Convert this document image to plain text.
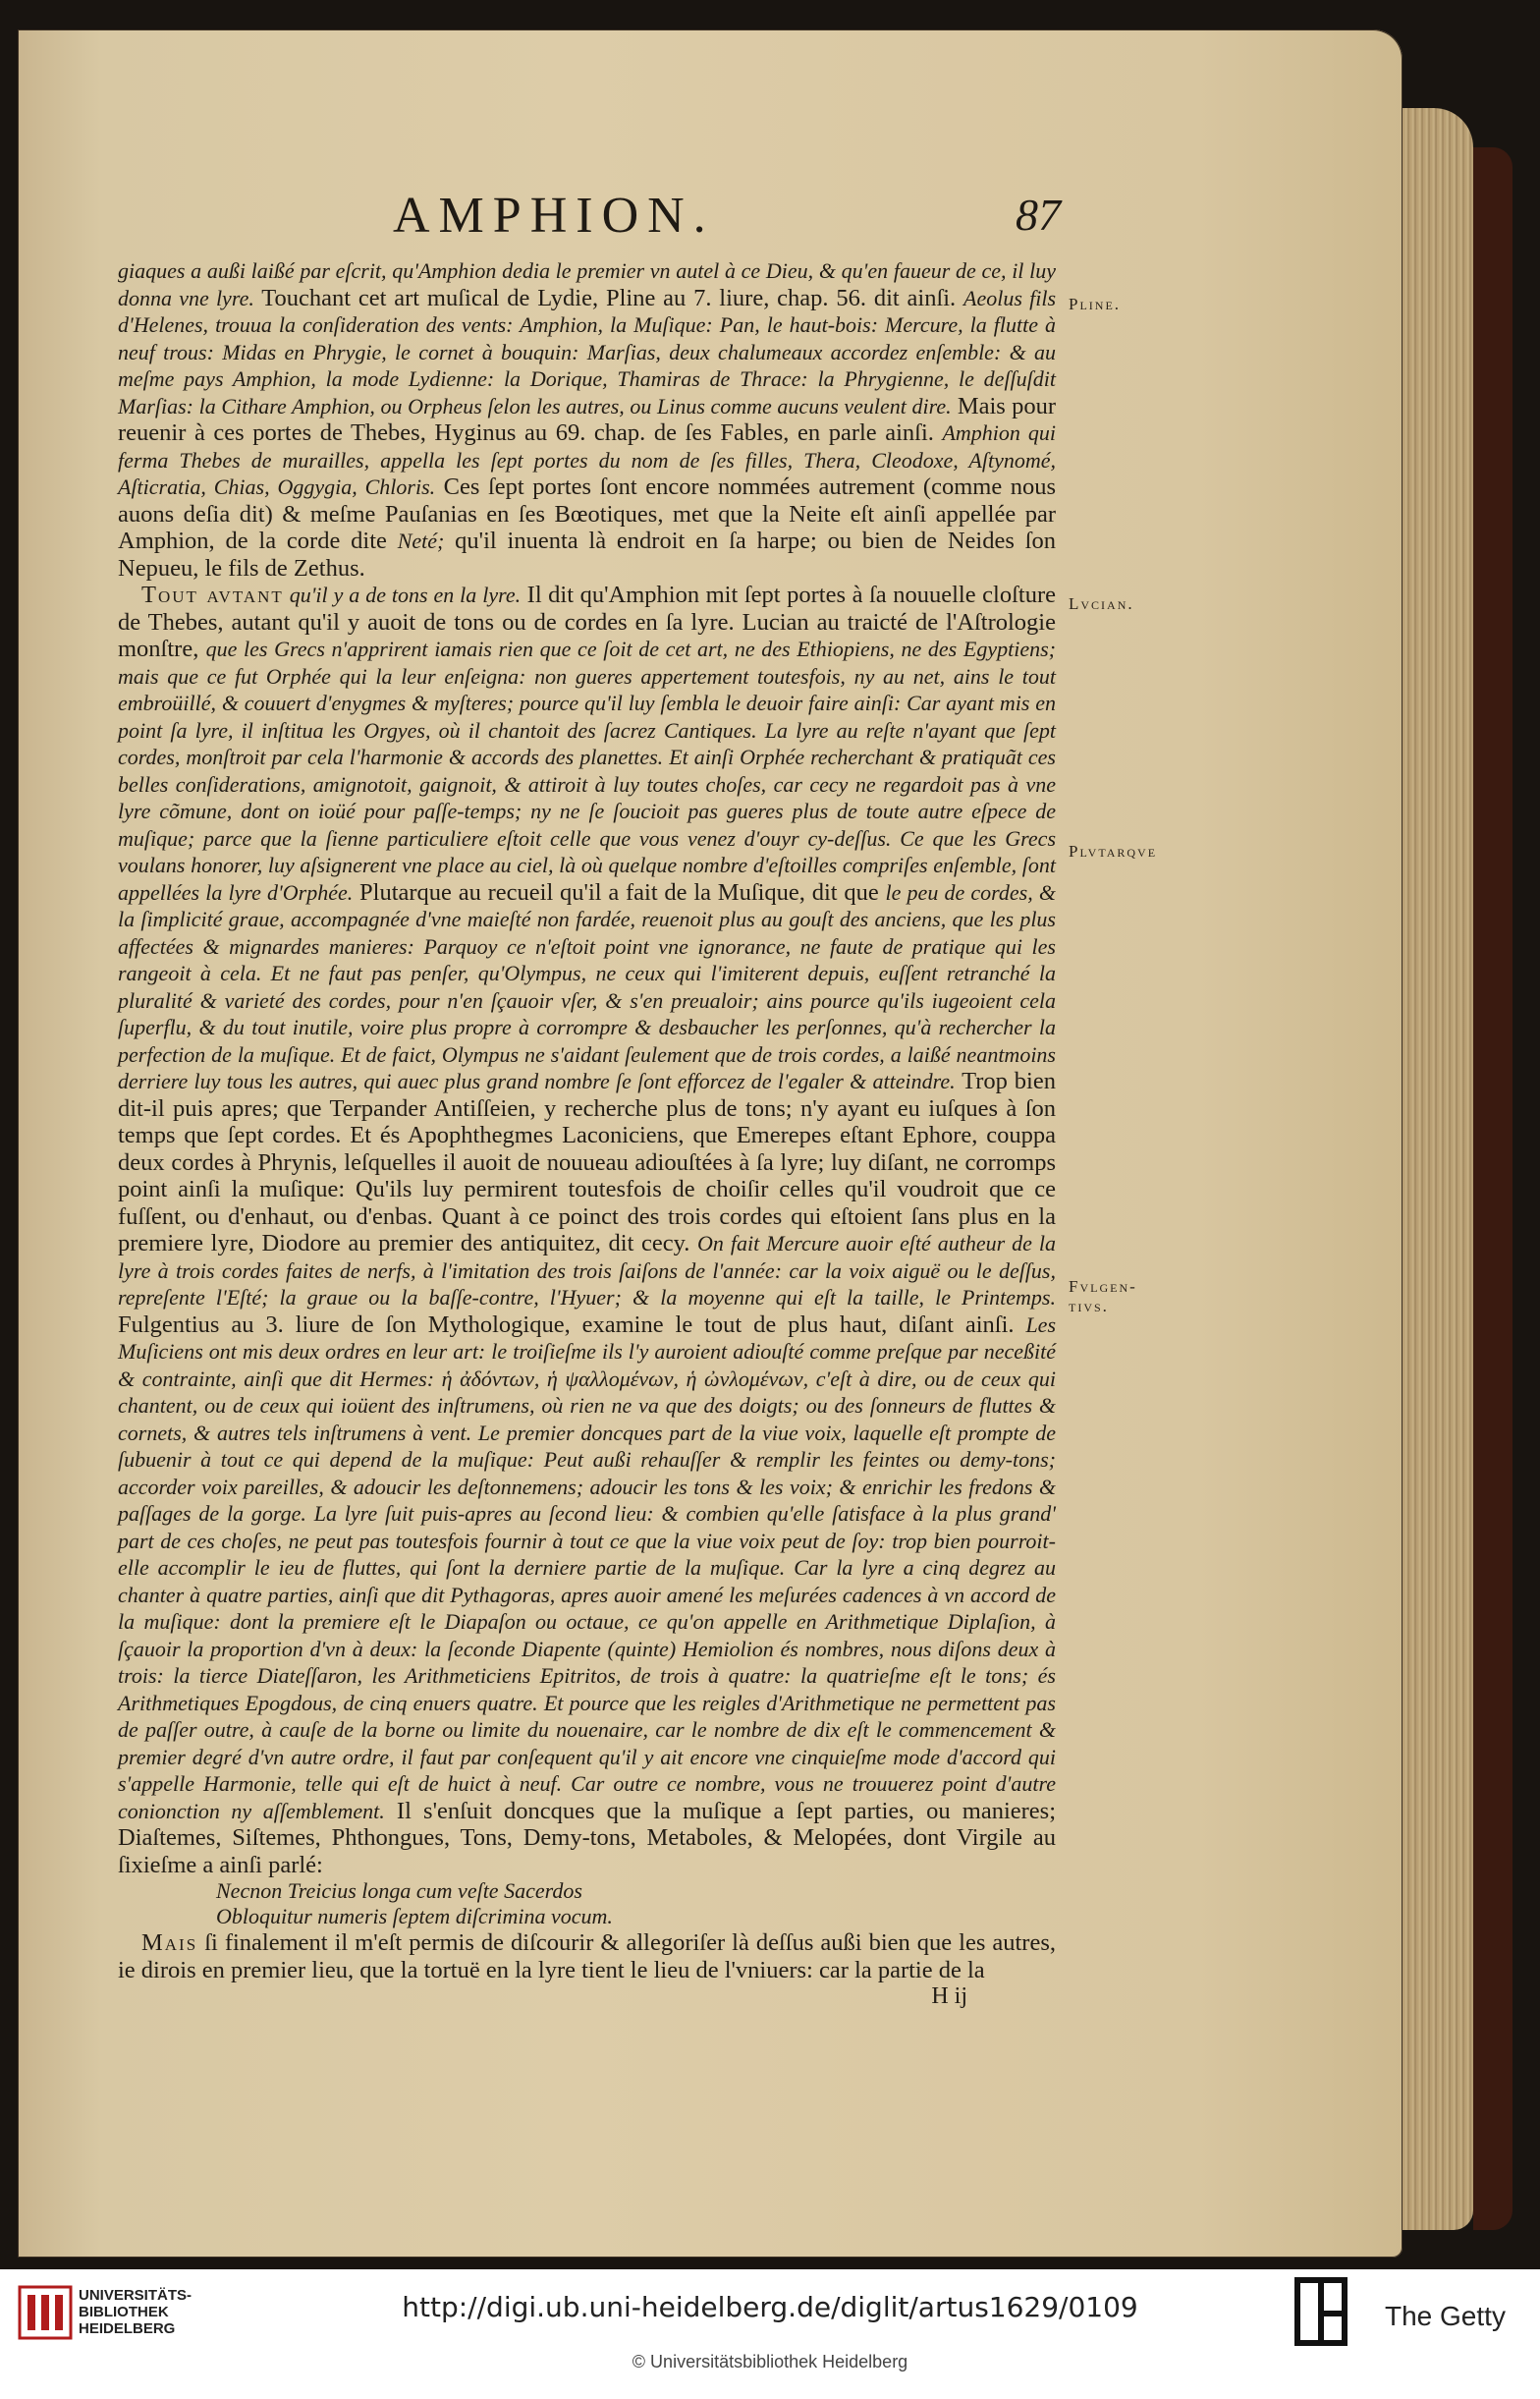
AMPHION.	87

giaques a außi laißé par eſcrit, qu'Amphion dedia le premier vn autel à ce Dieu, & qu'en faueur de ce, il luy donna vne lyre. Touchant cet art muſical de Lydie, Pline au 7. liure, chap. 56. dit ainſi. Aeolus fils d'Helenes, trouua la conſideration des vents: Amphion, la Muſique: Pan, le haut-bois: Mercure, la flutte à neuf trous: Midas en Phrygie, le cornet à bouquin: Marſias, deux chalumeaux accordez enſemble: & au meſme pays Amphion, la mode Lydienne: la Dorique, Thamiras de Thrace: la Phrygienne, le deſſuſdit Marſias: la Cithare Amphion, ou Orpheus ſelon les autres, ou Linus comme aucuns veulent dire. Mais pour reuenir à ces portes de Thebes, Hyginus au 69. chap. de ſes Fables, en parle ainſi. Amphion qui ferma Thebes de murailles, appella les ſept portes du nom de ſes filles, Thera, Cleodoxe, Aſtynomé, Aſticratia, Chias, Oggygia, Chloris. Ces ſept portes ſont encore nommées autrement (comme nous auons deſia dit) & meſme Pauſanias en ſes Bœotiques, met que la Neite eſt ainſi appellée par Amphion, de la corde dite Neté; qu'il inuenta là endroit en ſa harpe; ou bien de Neides ſon Nepueu, le fils de Zethus.

Tout avtant qu'il y a de tons en la lyre. Il dit qu'Amphion mit ſept portes à ſa nouuelle cloſture de Thebes, autant qu'il y auoit de tons ou de cordes en ſa lyre. Lucian au traicté de l'Aſtrologie monſtre, que les Grecs n'apprirent iamais rien que ce ſoit de cet art, ne des Ethiopiens, ne des Egyptiens; mais que ce fut Orphée qui la leur enſeigna: non gueres appertement toutesfois, ny au net, ains le tout embroüillé, & couuert d'enygmes & myſteres; pource qu'il luy ſembla le deuoir faire ainſi: Car ayant mis en point ſa lyre, il inſtitua les Orgyes, où il chantoit des ſacrez Cantiques. La lyre au reſte n'ayant que ſept cordes, monſtroit par cela l'harmonie & accords des planettes. Et ainſi Orphée recherchant & pratiquãt ces belles conſiderations, amignotoit, gaignoit, & attiroit à luy toutes choſes, car cecy ne regardoit pas à vne lyre cõmune, dont on ioüé pour paſſe-temps; ny ne ſe ſoucioit pas gueres plus de toute autre eſpece de muſique; parce que la ſienne particuliere eſtoit celle que vous venez d'ouyr cy-deſſus. Ce que les Grecs voulans honorer, luy aſsignerent vne place au ciel, là où quelque nombre d'eſtoilles compriſes enſemble, ſont appellées la lyre d'Orphée. Plutarque au recueil qu'il a fait de la Muſique, dit que le peu de cordes, & la ſimplicité graue, accompagnée d'vne maieſté non fardée, reuenoit plus au gouſt des anciens, que les plus affectées & mignardes manieres: Parquoy ce n'eſtoit point vne ignorance, ne faute de pratique qui les rangeoit à cela. Et ne faut pas penſer, qu'Olympus, ne ceux qui l'imiterent depuis, euſſent retranché la pluralité & varieté des cordes, pour n'en ſçauoir vſer, & s'en preualoir; ains pource qu'ils iugeoient cela ſuperflu, & du tout inutile, voire plus propre à corrompre & desbaucher les perſonnes, qu'à rechercher la perfection de la muſique. Et de faict, Olympus ne s'aidant ſeulement que de trois cordes, a laißé neantmoins derriere luy tous les autres, qui auec plus grand nombre ſe ſont efforcez de l'egaler & atteindre. Trop bien dit-il puis apres; que Terpander Antiſſeien, y recherche plus de tons; n'y ayant eu iuſques à ſon temps que ſept cordes. Et és Apophthegmes Laconiciens, que Emerepes eſtant Ephore, couppa deux cordes à Phrynis, leſquelles il auoit de nouueau adiouſtées à ſa lyre; luy diſant, ne corromps point ainſi la muſique: Qu'ils luy permirent toutesfois de choiſir celles qu'il voudroit que ce fuſſent, ou d'enhaut, ou d'enbas. Quant à ce poinct des trois cordes qui eſtoient ſans plus en la premiere lyre, Diodore au premier des antiquitez, dit cecy. On fait Mercure auoir eſté autheur de la lyre à trois cordes faites de nerfs, à l'imitation des trois ſaiſons de l'année: car la voix aiguë ou le deſſus, repreſente l'Eſté; la graue ou la baſſe-contre, l'Hyuer; & la moyenne qui eſt la taille, le Printemps. Fulgentius au 3. liure de ſon Mythologique, examine le tout de plus haut, diſant ainſi. Les Muſiciens ont mis deux ordres en leur art: le troiſieſme ils l'y auroient adiouſté comme preſque par neceßité & contrainte, ainſi que dit Hermes: ἡ ἀδόντων, ἡ ψαλλομένων, ἡ ὠνλομένων, c'eſt à dire, ou de ceux qui chantent, ou de ceux qui ioüent des inſtrumens, où rien ne va que des doigts; ou des ſonneurs de fluttes & cornets, & autres tels inſtrumens à vent. Le premier doncques part de la viue voix, laquelle eſt prompte de ſubuenir à tout ce qui depend de la muſique: Peut außi rehauſſer & remplir les feintes ou demy-tons; accorder voix pareilles, & adoucir les deſtonnemens; adoucir les tons & les voix; & enrichir les fredons & paſſages de la gorge. La lyre ſuit puis-apres au ſecond lieu: & combien qu'elle ſatisface à la plus grand' part de ces choſes, ne peut pas toutesfois fournir à tout ce que la viue voix peut de ſoy: trop bien pourroit-elle accomplir le ieu de fluttes, qui ſont la derniere partie de la muſique. Car la lyre a cinq degrez au chanter à quatre parties, ainſi que dit Pythagoras, apres auoir amené les meſurées cadences à vn accord de la muſique: dont la premiere eſt le Diapaſon ou octaue, ce qu'on appelle en Arithmetique Diplaſion, à ſçauoir la proportion d'vn à deux: la ſeconde Diapente (quinte) Hemiolion és nombres, nous diſons deux à trois: la tierce Diateſſaron, les Arithmeticiens Epitritos, de trois à quatre: la quatrieſme eſt le tons; és Arithmetiques Epogdous, de cinq enuers quatre. Et pource que les reigles d'Arithmetique ne permettent pas de paſſer outre, à cauſe de la borne ou limite du nouenaire, car le nombre de dix eſt le commencement & premier degré d'vn autre ordre, il faut par conſequent qu'il y ait encore vne cinquieſme mode d'accord qui s'appelle Harmonie, telle qui eſt de huict à neuf. Car outre ce nombre, vous ne trouuerez point d'autre conionction ny aſſemblement. Il s'enſuit doncques que la muſique a ſept parties, ou manieres; Diaſtemes, Siſtemes, Phthongues, Tons, Demy-tons, Metaboles, & Melopées, dont Virgile au ſixieſme a ainſi parlé:

Necnon Treicius longa cum veſte Sacerdos
Obloquitur numeris ſeptem diſcrimina vocum.

Mais ſi finalement il m'eſt permis de diſcourir & allegoriſer là deſſus außi bien que les autres, ie dirois en premier lieu, que la tortuë en la lyre tient le lieu de l'vniuers: car la partie de la

H ij
Pline.
Lvcian.
Plvtarqve
Fvlgen-
tivs.
UNIVERSITÄTS-
BIBLIOTHEK
HEIDELBERG
http://digi.ub.uni-heidelberg.de/diglit/artus1629/0109
© Universitätsbibliothek Heidelberg
The Getty
